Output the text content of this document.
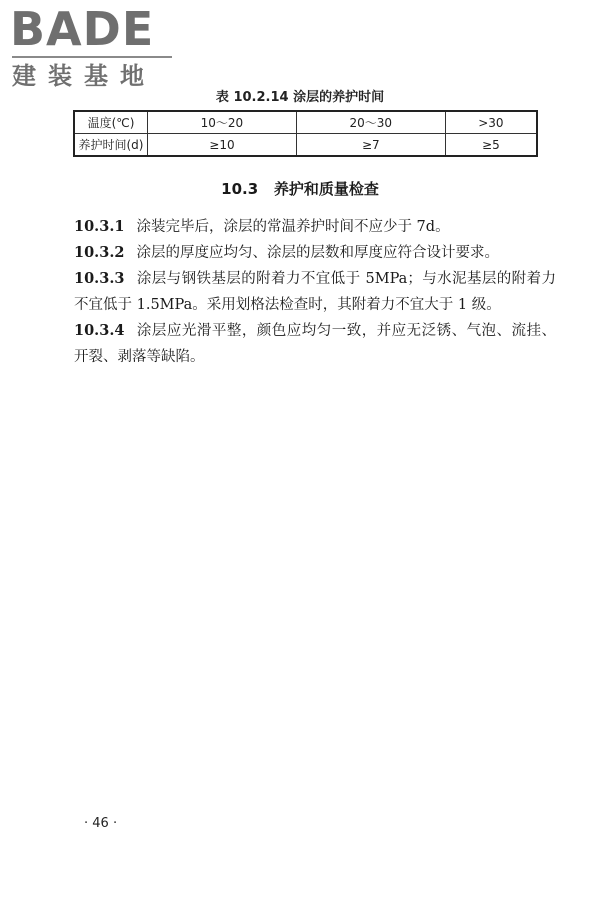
BADE
建装基地
表 10.2.14 涂层的养护时间
温度(℃)	10～20	20～30	>30
养护时间(d)	≥10	≥7	≥5
10.3 养护和质量检查

10.3.1 涂装完毕后，涂层的常温养护时间不应少于 7d。

10.3.2 涂层的厚度应均匀、涂层的层数和厚度应符合设计要求。

10.3.3 涂层与钢铁基层的附着力不宜低于 5MPa；与水泥基层的附着力不宜低于 1.5MPa。采用划格法检查时，其附着力不宜大于 1 级。

10.3.4 涂层应光滑平整，颜色应均匀一致，并应无泛锈、气泡、流挂、开裂、剥落等缺陷。

· 46 ·
